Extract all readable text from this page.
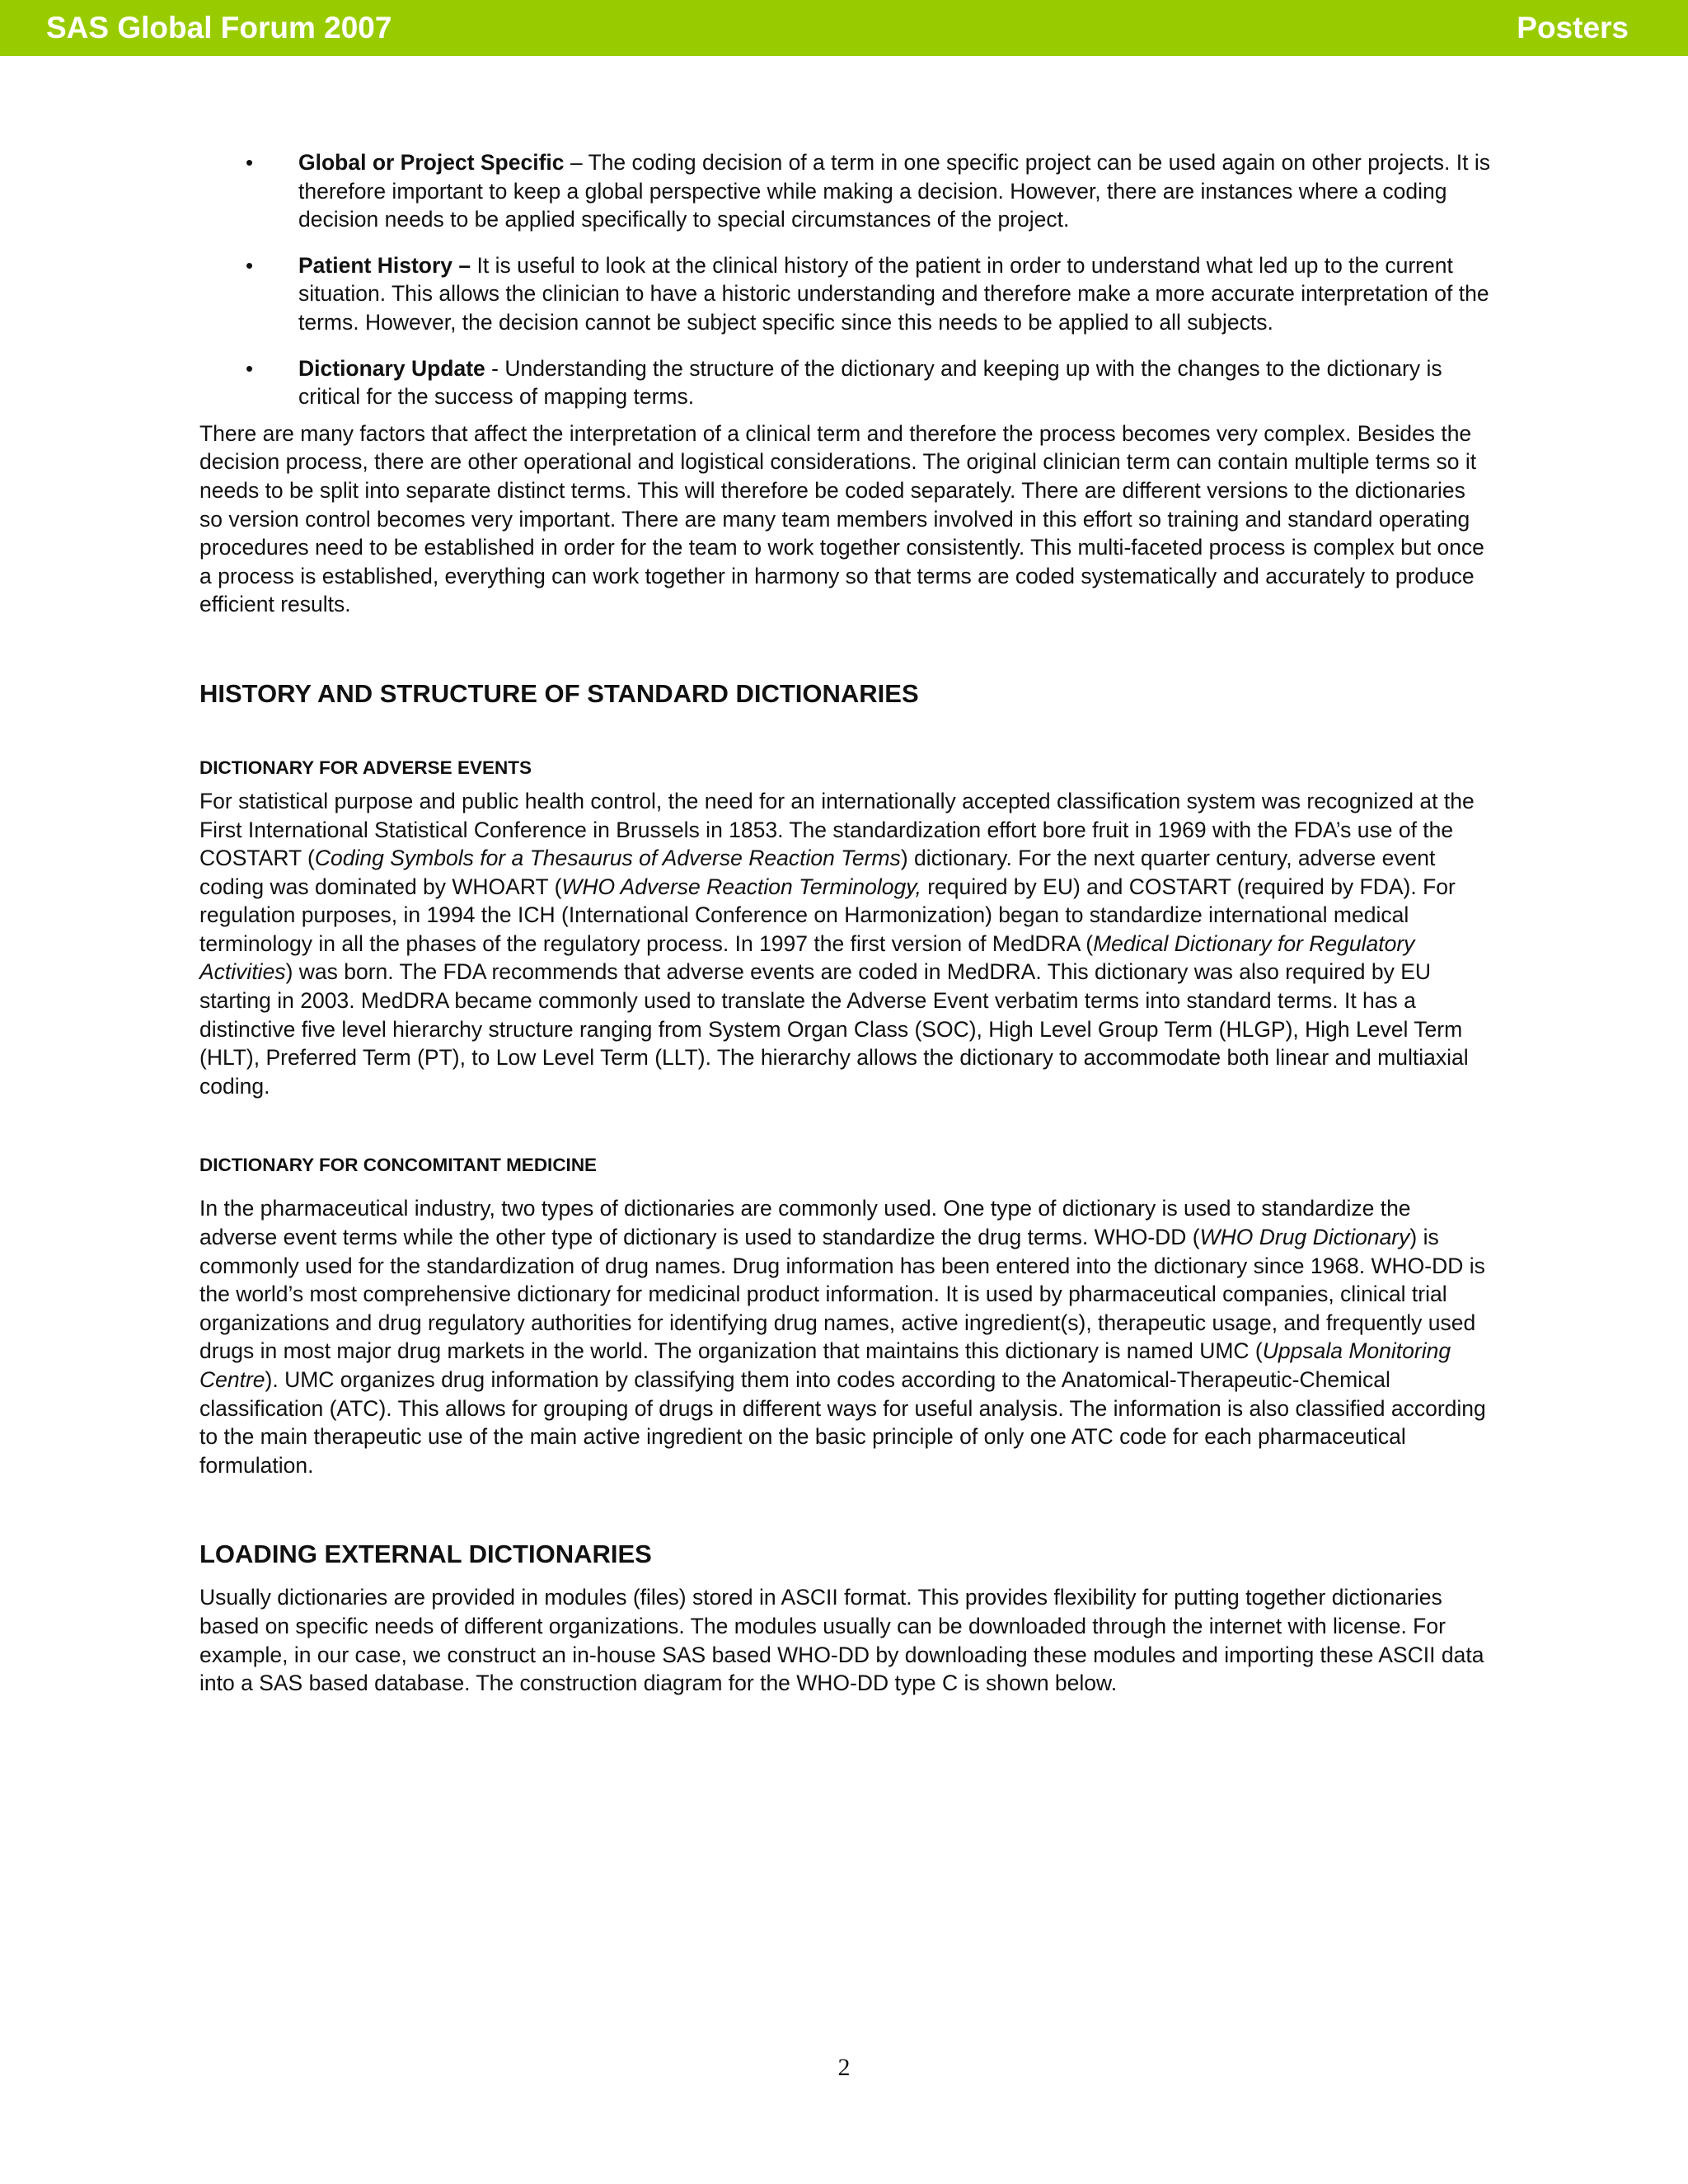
SAS Global Forum 2007	Posters
• Global or Project Specific – The coding decision of a term in one specific project can be used again on other projects. It is therefore important to keep a global perspective while making a decision. However, there are instances where a coding decision needs to be applied specifically to special circumstances of the project.
• Patient History – It is useful to look at the clinical history of the patient in order to understand what led up to the current situation. This allows the clinician to have a historic understanding and therefore make a more accurate interpretation of the terms. However, the decision cannot be subject specific since this needs to be applied to all subjects.
• Dictionary Update - Understanding the structure of the dictionary and keeping up with the changes to the dictionary is critical for the success of mapping terms.

There are many factors that affect the interpretation of a clinical term and therefore the process becomes very complex. Besides the decision process, there are other operational and logistical considerations. The original clinician term can contain multiple terms so it needs to be split into separate distinct terms. This will therefore be coded separately. There are different versions to the dictionaries so version control becomes very important. There are many team members involved in this effort so training and standard operating procedures need to be established in order for the team to work together consistently. This multi-faceted process is complex but once a process is established, everything can work together in harmony so that terms are coded systematically and accurately to produce efficient results.

HISTORY AND STRUCTURE OF STANDARD DICTIONARIES
DICTIONARY FOR ADVERSE EVENTS

For statistical purpose and public health control, the need for an internationally accepted classification system was recognized at the First International Statistical Conference in Brussels in 1853. The standardization effort bore fruit in 1969 with the FDA’s use of the COSTART (Coding Symbols for a Thesaurus of Adverse Reaction Terms) dictionary. For the next quarter century, adverse event coding was dominated by WHOART (WHO Adverse Reaction Terminology, required by EU) and COSTART (required by FDA). For regulation purposes, in 1994 the ICH (International Conference on Harmonization) began to standardize international medical terminology in all the phases of the regulatory process. In 1997 the first version of MedDRA (Medical Dictionary for Regulatory Activities) was born. The FDA recommends that adverse events are coded in MedDRA. This dictionary was also required by EU starting in 2003. MedDRA became commonly used to translate the Adverse Event verbatim terms into standard terms. It has a distinctive five level hierarchy structure ranging from System Organ Class (SOC), High Level Group Term (HLGP), High Level Term (HLT), Preferred Term (PT), to Low Level Term (LLT). The hierarchy allows the dictionary to accommodate both linear and multiaxial coding.

DICTIONARY FOR CONCOMITANT MEDICINE

In the pharmaceutical industry, two types of dictionaries are commonly used. One type of dictionary is used to standardize the adverse event terms while the other type of dictionary is used to standardize the drug terms. WHO-DD (WHO Drug Dictionary) is commonly used for the standardization of drug names. Drug information has been entered into the dictionary since 1968. WHO-DD is the world’s most comprehensive dictionary for medicinal product information. It is used by pharmaceutical companies, clinical trial organizations and drug regulatory authorities for identifying drug names, active ingredient(s), therapeutic usage, and frequently used drugs in most major drug markets in the world. The organization that maintains this dictionary is named UMC (Uppsala Monitoring Centre). UMC organizes drug information by classifying them into codes according to the Anatomical-Therapeutic-Chemical classification (ATC). This allows for grouping of drugs in different ways for useful analysis. The information is also classified according to the main therapeutic use of the main active ingredient on the basic principle of only one ATC code for each pharmaceutical formulation.

LOADING EXTERNAL DICTIONARIES

Usually dictionaries are provided in modules (files) stored in ASCII format. This provides flexibility for putting together dictionaries based on specific needs of different organizations. The modules usually can be downloaded through the internet with license. For example, in our case, we construct an in-house SAS based WHO-DD by downloading these modules and importing these ASCII data into a SAS based database. The construction diagram for the WHO-DD type C is shown below.

2
